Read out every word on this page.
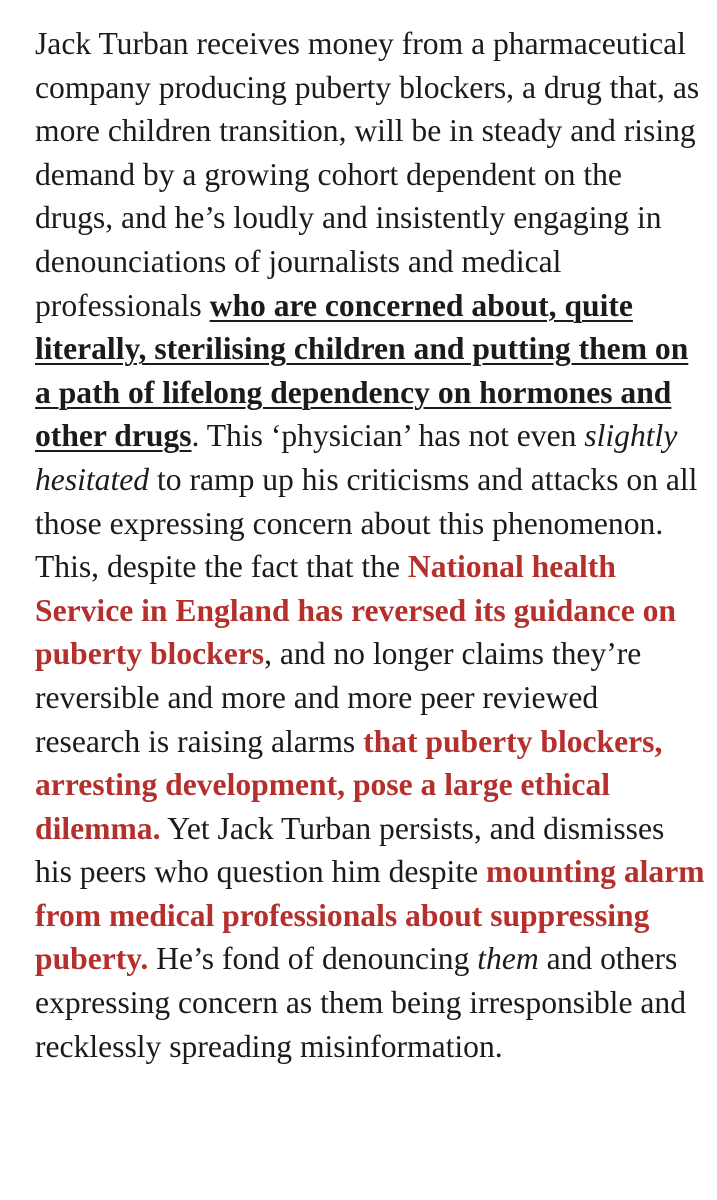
Jack Turban receives money from a pharmaceutical company producing puberty blockers, a drug that, as more children transition, will be in steady and rising demand by a growing cohort dependent on the drugs, and he’s loudly and insistently engaging in denounciations of journalists and medical professionals who are concerned about, quite literally, sterilising children and putting them on a path of lifelong dependency on hormones and other drugs. This ‘physician’ has not even slightly hesitated to ramp up his criticisms and attacks on all those expressing concern about this phenomenon. This, despite the fact that the National health Service in England has reversed its guidance on puberty blockers, and no longer claims they’re reversible and more and more peer reviewed research is raising alarms that puberty blockers, arresting development, pose a large ethical dilemma. Yet Jack Turban persists, and dismisses his peers who question him despite mounting alarm from medical professionals about suppressing puberty. He’s fond of denouncing them and others expressing concern as them being irresponsible and recklessly spreading misinformation.
